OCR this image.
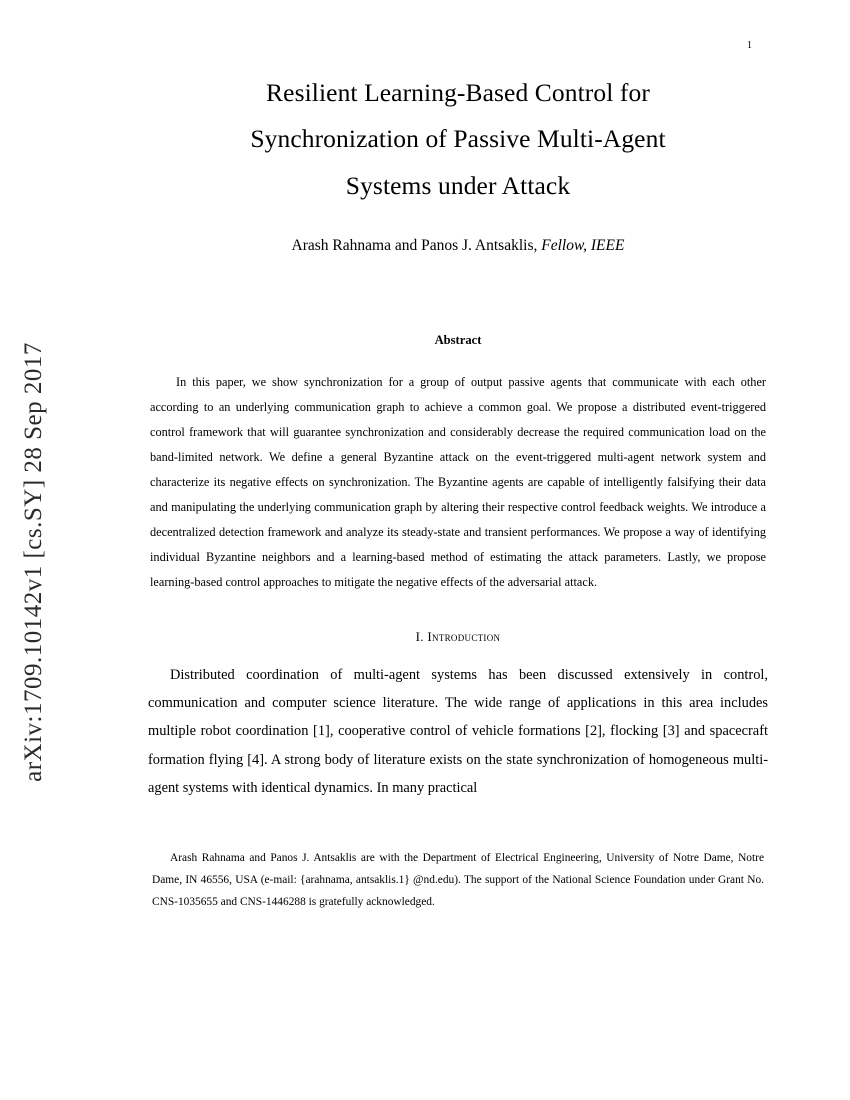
arXiv:1709.10142v1 [cs.SY] 28 Sep 2017
1
Resilient Learning-Based Control for
Synchronization of Passive Multi-Agent
Systems under Attack
Arash Rahnama and Panos J. Antsaklis, Fellow, IEEE
Abstract
In this paper, we show synchronization for a group of output passive agents that communicate with each other according to an underlying communication graph to achieve a common goal. We propose a distributed event-triggered control framework that will guarantee synchronization and considerably decrease the required communication load on the band-limited network. We define a general Byzantine attack on the event-triggered multi-agent network system and characterize its negative effects on synchronization. The Byzantine agents are capable of intelligently falsifying their data and manipulating the underlying communication graph by altering their respective control feedback weights. We introduce a decentralized detection framework and analyze its steady-state and transient performances. We propose a way of identifying individual Byzantine neighbors and a learning-based method of estimating the attack parameters. Lastly, we propose learning-based control approaches to mitigate the negative effects of the adversarial attack.
I. Introduction
Distributed coordination of multi-agent systems has been discussed extensively in control, communication and computer science literature. The wide range of applications in this area includes multiple robot coordination [1], cooperative control of vehicle formations [2], flocking [3] and spacecraft formation flying [4]. A strong body of literature exists on the state synchronization of homogeneous multi-agent systems with identical dynamics. In many practical
Arash Rahnama and Panos J. Antsaklis are with the Department of Electrical Engineering, University of Notre Dame, Notre Dame, IN 46556, USA (e-mail: {arahnama, antsaklis.1} @nd.edu). The support of the National Science Foundation under Grant No. CNS-1035655 and CNS-1446288 is gratefully acknowledged.
